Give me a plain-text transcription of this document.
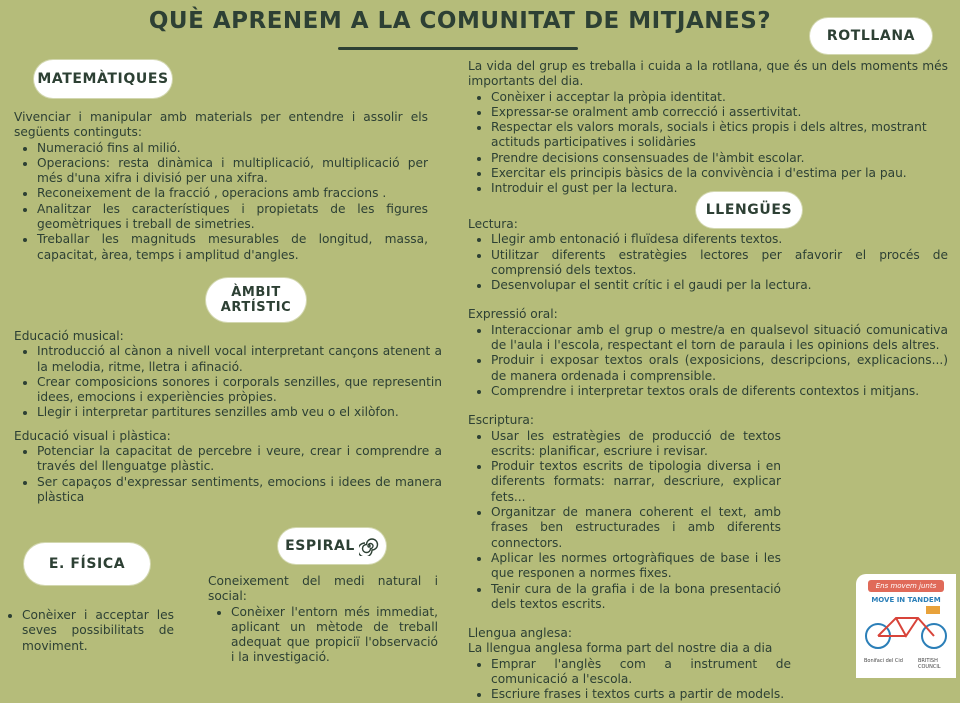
QUÈ APRENEM A LA COMUNITAT DE MITJANES?
MATEMÀTIQUES

Vivenciar i manipular amb materials per entendre i assolir els següents continguts:

• Numeració fins al milió.
• Operacions: resta dinàmica i multiplicació, multiplicació per més d'una xifra i divisió per una xifra.
• Reconeixement de la fracció , operacions amb fraccions .
• Analitzar les característiques i propietats de les figures geomètriques i treball de simetries.
• Treballar les magnituds mesurables de longitud, massa, capacitat, àrea, temps i amplitud d'angles.
ÀMBIT
ARTÍSTIC

Educació musical:

• Introducció al cànon a nivell vocal interpretant cançons atenent a la melodia, ritme, lletra i afinació.
• Crear composicions sonores i corporals senzilles, que representin idees, emocions i experiències pròpies.
• Llegir i interpretar partitures senzilles amb veu o el xilòfon.

Educació visual i plàstica:

• Potenciar la capacitat de percebre i veure, crear i comprendre a través del llenguatge plàstic.
• Ser capaços d'expressar sentiments, emocions i idees de manera plàstica
E. FÍSICA
• Conèixer i acceptar les seves possibilitats de moviment.
ESPIRAL

Coneixement del medi natural i social:

• Conèixer l'entorn més immediat, aplicant un mètode de treball adequat que propiciï l'observació i la investigació.
ROTLLANA

La vida del grup es treballa i cuida a la rotllana, que és un dels moments més importants del dia.

• Conèixer i acceptar la pròpia identitat.
• Expressar-se oralment amb correcció i assertivitat.
• Respectar els valors morals, socials i ètics propis i dels altres, mostrant actituds participatives i solidàries
• Prendre decisions consensuades de l'àmbit escolar.
• Exercitar els principis bàsics de la convivència i d'estima per la pau.
• Introduir el gust per la lectura.
LLENGÜES

Lectura:

• Llegir amb entonació i fluïdesa diferents textos.
• Utilitzar diferents estratègies lectores per afavorir el procés de comprensió dels textos.
• Desenvolupar el sentit crític i el gaudi per la lectura.

Expressió oral:

• Interaccionar amb el grup o mestre/a en qualsevol situació comunicativa de l'aula i l'escola, respectant el torn de paraula i les opinions dels altres.
• Produir i exposar textos orals (exposicions, descripcions, explicacions...) de manera ordenada i comprensible.
• Comprendre i interpretar textos orals de diferents contextos i mitjans.

Escriptura:

• Usar les estratègies de producció de textos escrits: planificar, escriure i revisar.
• Produir textos escrits de tipologia diversa i en diferents formats: narrar, descriure, explicar fets...
• Organitzar de manera coherent el text, amb frases ben estructurades i amb diferents connectors.
• Aplicar les normes ortogràfiques de base i les que responen a normes fixes.
• Tenir cura de la grafia i de la bona presentació dels textos escrits.

Llengua anglesa:

La llengua anglesa forma part del nostre dia a dia

• Emprar l'anglès com a instrument de comunicació a l'escola.
• Escriure frases i textos curts a partir de models.
Ens movem junts
MOVE IN TANDEM
Bonifaci del Cid	BRITISH COUNCIL
